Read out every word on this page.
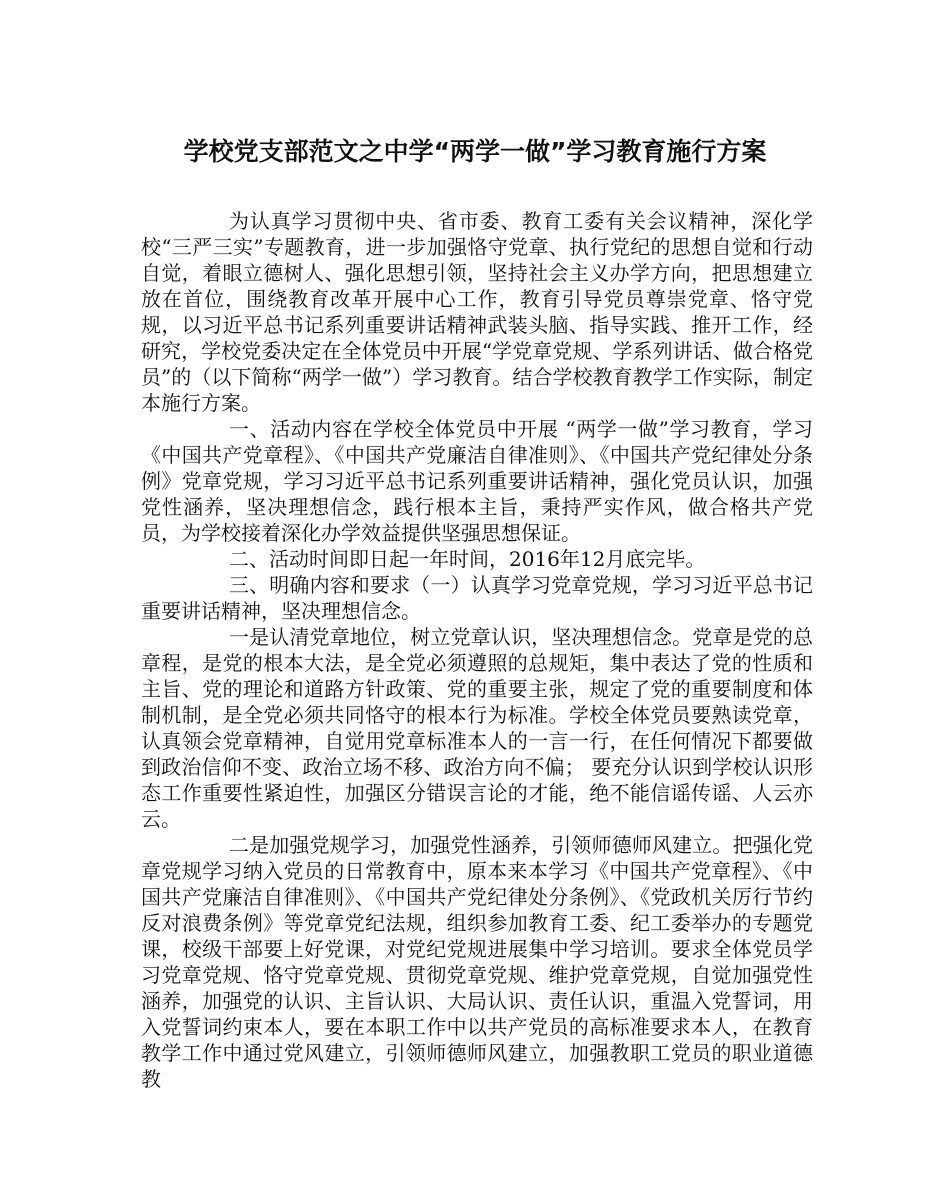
学校党支部范文之中学“两学一做”学习教育施行方案

为认真学习贯彻中央、省市委、教育工委有关会议精神，深化学校“三严三实”专题教育，进一步加强恪守党章、执行党纪的思想自觉和行动自觉，着眼立德树人、强化思想引领，坚持社会主义办学方向，把思想建立放在首位，围绕教育改革开展中心工作，教育引导党员尊崇党章、恪守党规，以习近平总书记系列重要讲话精神武装头脑、指导实践、推开工作，经研究，学校党委决定在全体党员中开展“学党章党规、学系列讲话、做合格党员”的（以下简称“两学一做”）学习教育。结合学校教育教学工作实际，制定本施行方案。

一、活动内容在学校全体党员中开展 “两学一做”学习教育，学习《中国共产党章程》、《中国共产党廉洁自律准则》、《中国共产党纪律处分条例》党章党规，学习习近平总书记系列重要讲话精神，强化党员认识，加强党性涵养，坚决理想信念，践行根本主旨，秉持严实作风，做合格共产党员，为学校接着深化办学效益提供坚强思想保证。

二、活动时间即日起一年时间，2016年12月底完毕。

三、明确内容和要求（一）认真学习党章党规，学习习近平总书记重要讲话精神，坚决理想信念。

一是认清党章地位，树立党章认识，坚决理想信念。党章是党的总章程，是党的根本大法，是全党必须遵照的总规矩，集中表达了党的性质和主旨、党的理论和道路方针政策、党的重要主张，规定了党的重要制度和体制机制，是全党必须共同恪守的根本行为标准。学校全体党员要熟读党章，认真领会党章精神，自觉用党章标准本人的一言一行，在任何情况下都要做到政治信仰不变、政治立场不移、政治方向不偏； 要充分认识到学校认识形态工作重要性紧迫性，加强区分错误言论的才能，绝不能信谣传谣、人云亦云。

二是加强党规学习，加强党性涵养，引领师德师风建立。把强化党章党规学习纳入党员的日常教育中，原本来本学习《中国共产党章程》、《中国共产党廉洁自律准则》、《中国共产党纪律处分条例》、《党政机关厉行节约反对浪费条例》等党章党纪法规，组织参加教育工委、纪工委举办的专题党课，校级干部要上好党课，对党纪党规进展集中学习培训。要求全体党员学习党章党规、恪守党章党规、贯彻党章党规、维护党章党规，自觉加强党性涵养，加强党的认识、主旨认识、大局认识、责任认识，重温入党誓词，用入党誓词约束本人，要在本职工作中以共产党员的高标准要求本人，在教育教学工作中通过党风建立，引领师德师风建立，加强教职工党员的职业道德教
